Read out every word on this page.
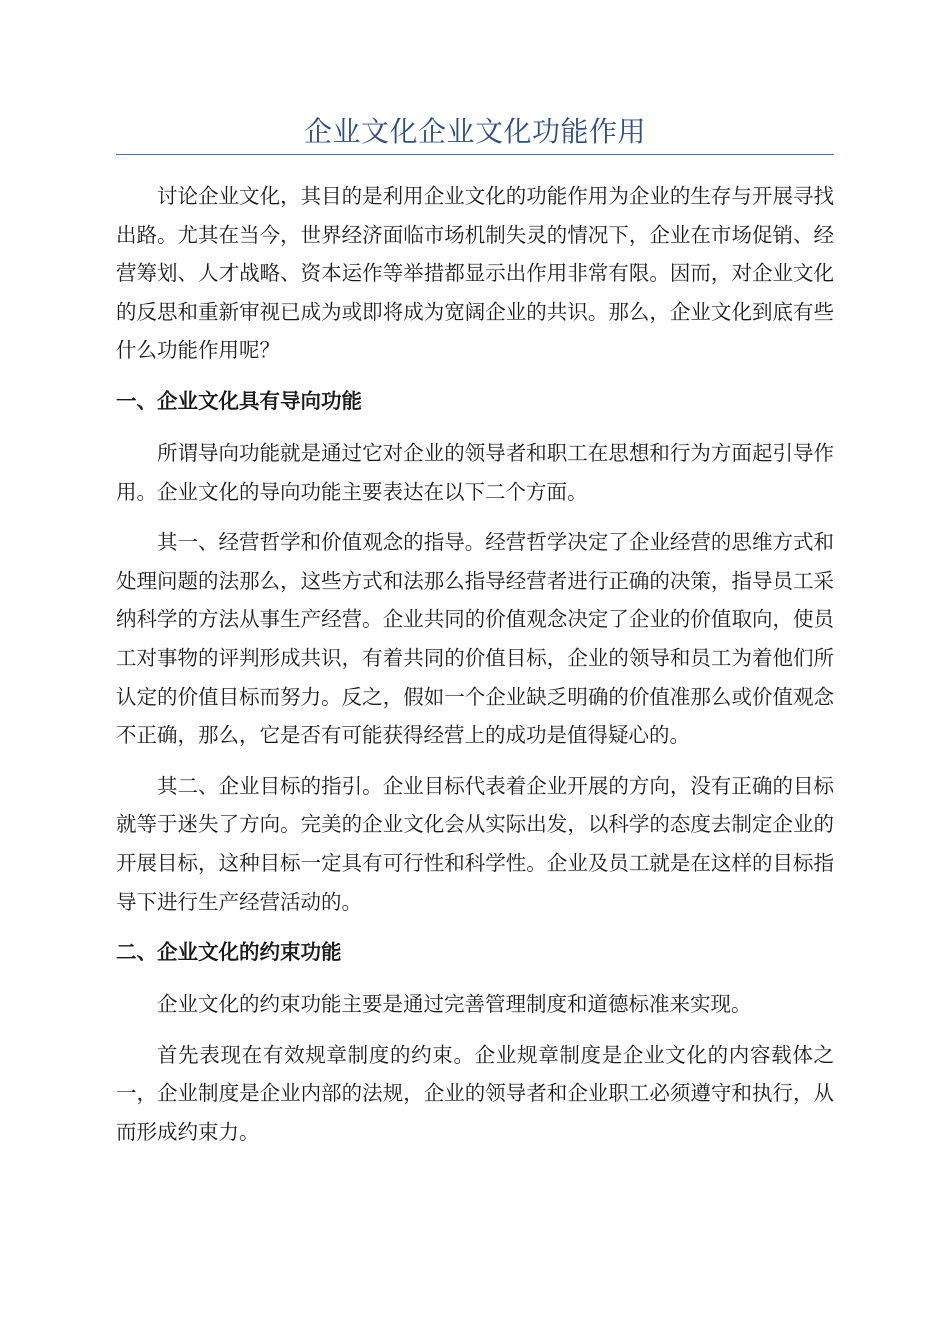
企业文化企业文化功能作用

讨论企业文化，其目的是利用企业文化的功能作用为企业的生存与开展寻找出路。尤其在当今，世界经济面临市场机制失灵的情况下，企业在市场促销、经营筹划、人才战略、资本运作等举措都显示出作用非常有限。因而，对企业文化的反思和重新审视已成为或即将成为宽阔企业的共识。那么，企业文化到底有些什么功能作用呢？

一、企业文化具有导向功能

所谓导向功能就是通过它对企业的领导者和职工在思想和行为方面起引导作用。企业文化的导向功能主要表达在以下二个方面。

其一、经营哲学和价值观念的指导。经营哲学决定了企业经营的思维方式和处理问题的法那么，这些方式和法那么指导经营者进行正确的决策，指导员工采纳科学的方法从事生产经营。企业共同的价值观念决定了企业的价值取向，使员工对事物的评判形成共识，有着共同的价值目标，企业的领导和员工为着他们所认定的价值目标而努力。反之，假如一个企业缺乏明确的价值准那么或价值观念不正确，那么，它是否有可能获得经营上的成功是值得疑心的。

其二、企业目标的指引。企业目标代表着企业开展的方向，没有正确的目标就等于迷失了方向。完美的企业文化会从实际出发，以科学的态度去制定企业的开展目标，这种目标一定具有可行性和科学性。企业及员工就是在这样的目标指导下进行生产经营活动的。

二、企业文化的约束功能

企业文化的约束功能主要是通过完善管理制度和道德标准来实现。

首先表现在有效规章制度的约束。企业规章制度是企业文化的内容载体之一，企业制度是企业内部的法规，企业的领导者和企业职工必须遵守和执行，从而形成约束力。
